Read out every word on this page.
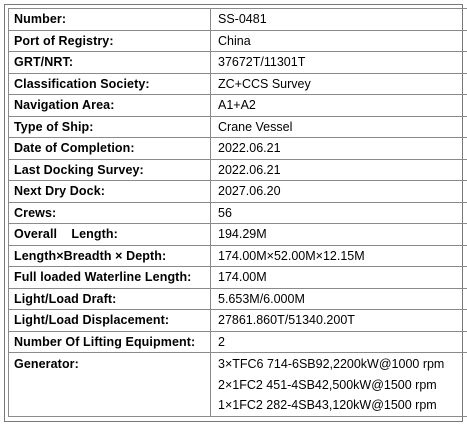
Number:	SS-0481
Port of Registry:	China
GRT/NRT:	37672T/11301T
Classification Society:	ZC+CCS Survey
Navigation Area:	A1+A2
Type of Ship:	Crane Vessel
Date of Completion:	2022.06.21
Last Docking Survey:	2022.06.21
Next Dry Dock:	2027.06.20
Crews:	56
Overall    Length:	194.29M
Length×Breadth × Depth:	174.00M×52.00M×12.15M
Full loaded Waterline Length:	174.00M
Light/Load Draft:	5.653M/6.000M
Light/Load Displacement:	27861.860T/51340.200T
Number Of Lifting Equipment:	2
Generator:	3×TFC6 714-6SB92,2200kW@1000 rpm
2×1FC2 451-4SB42,500kW@1500 rpm
1×1FC2 282-4SB43,120kW@1500 rpm
